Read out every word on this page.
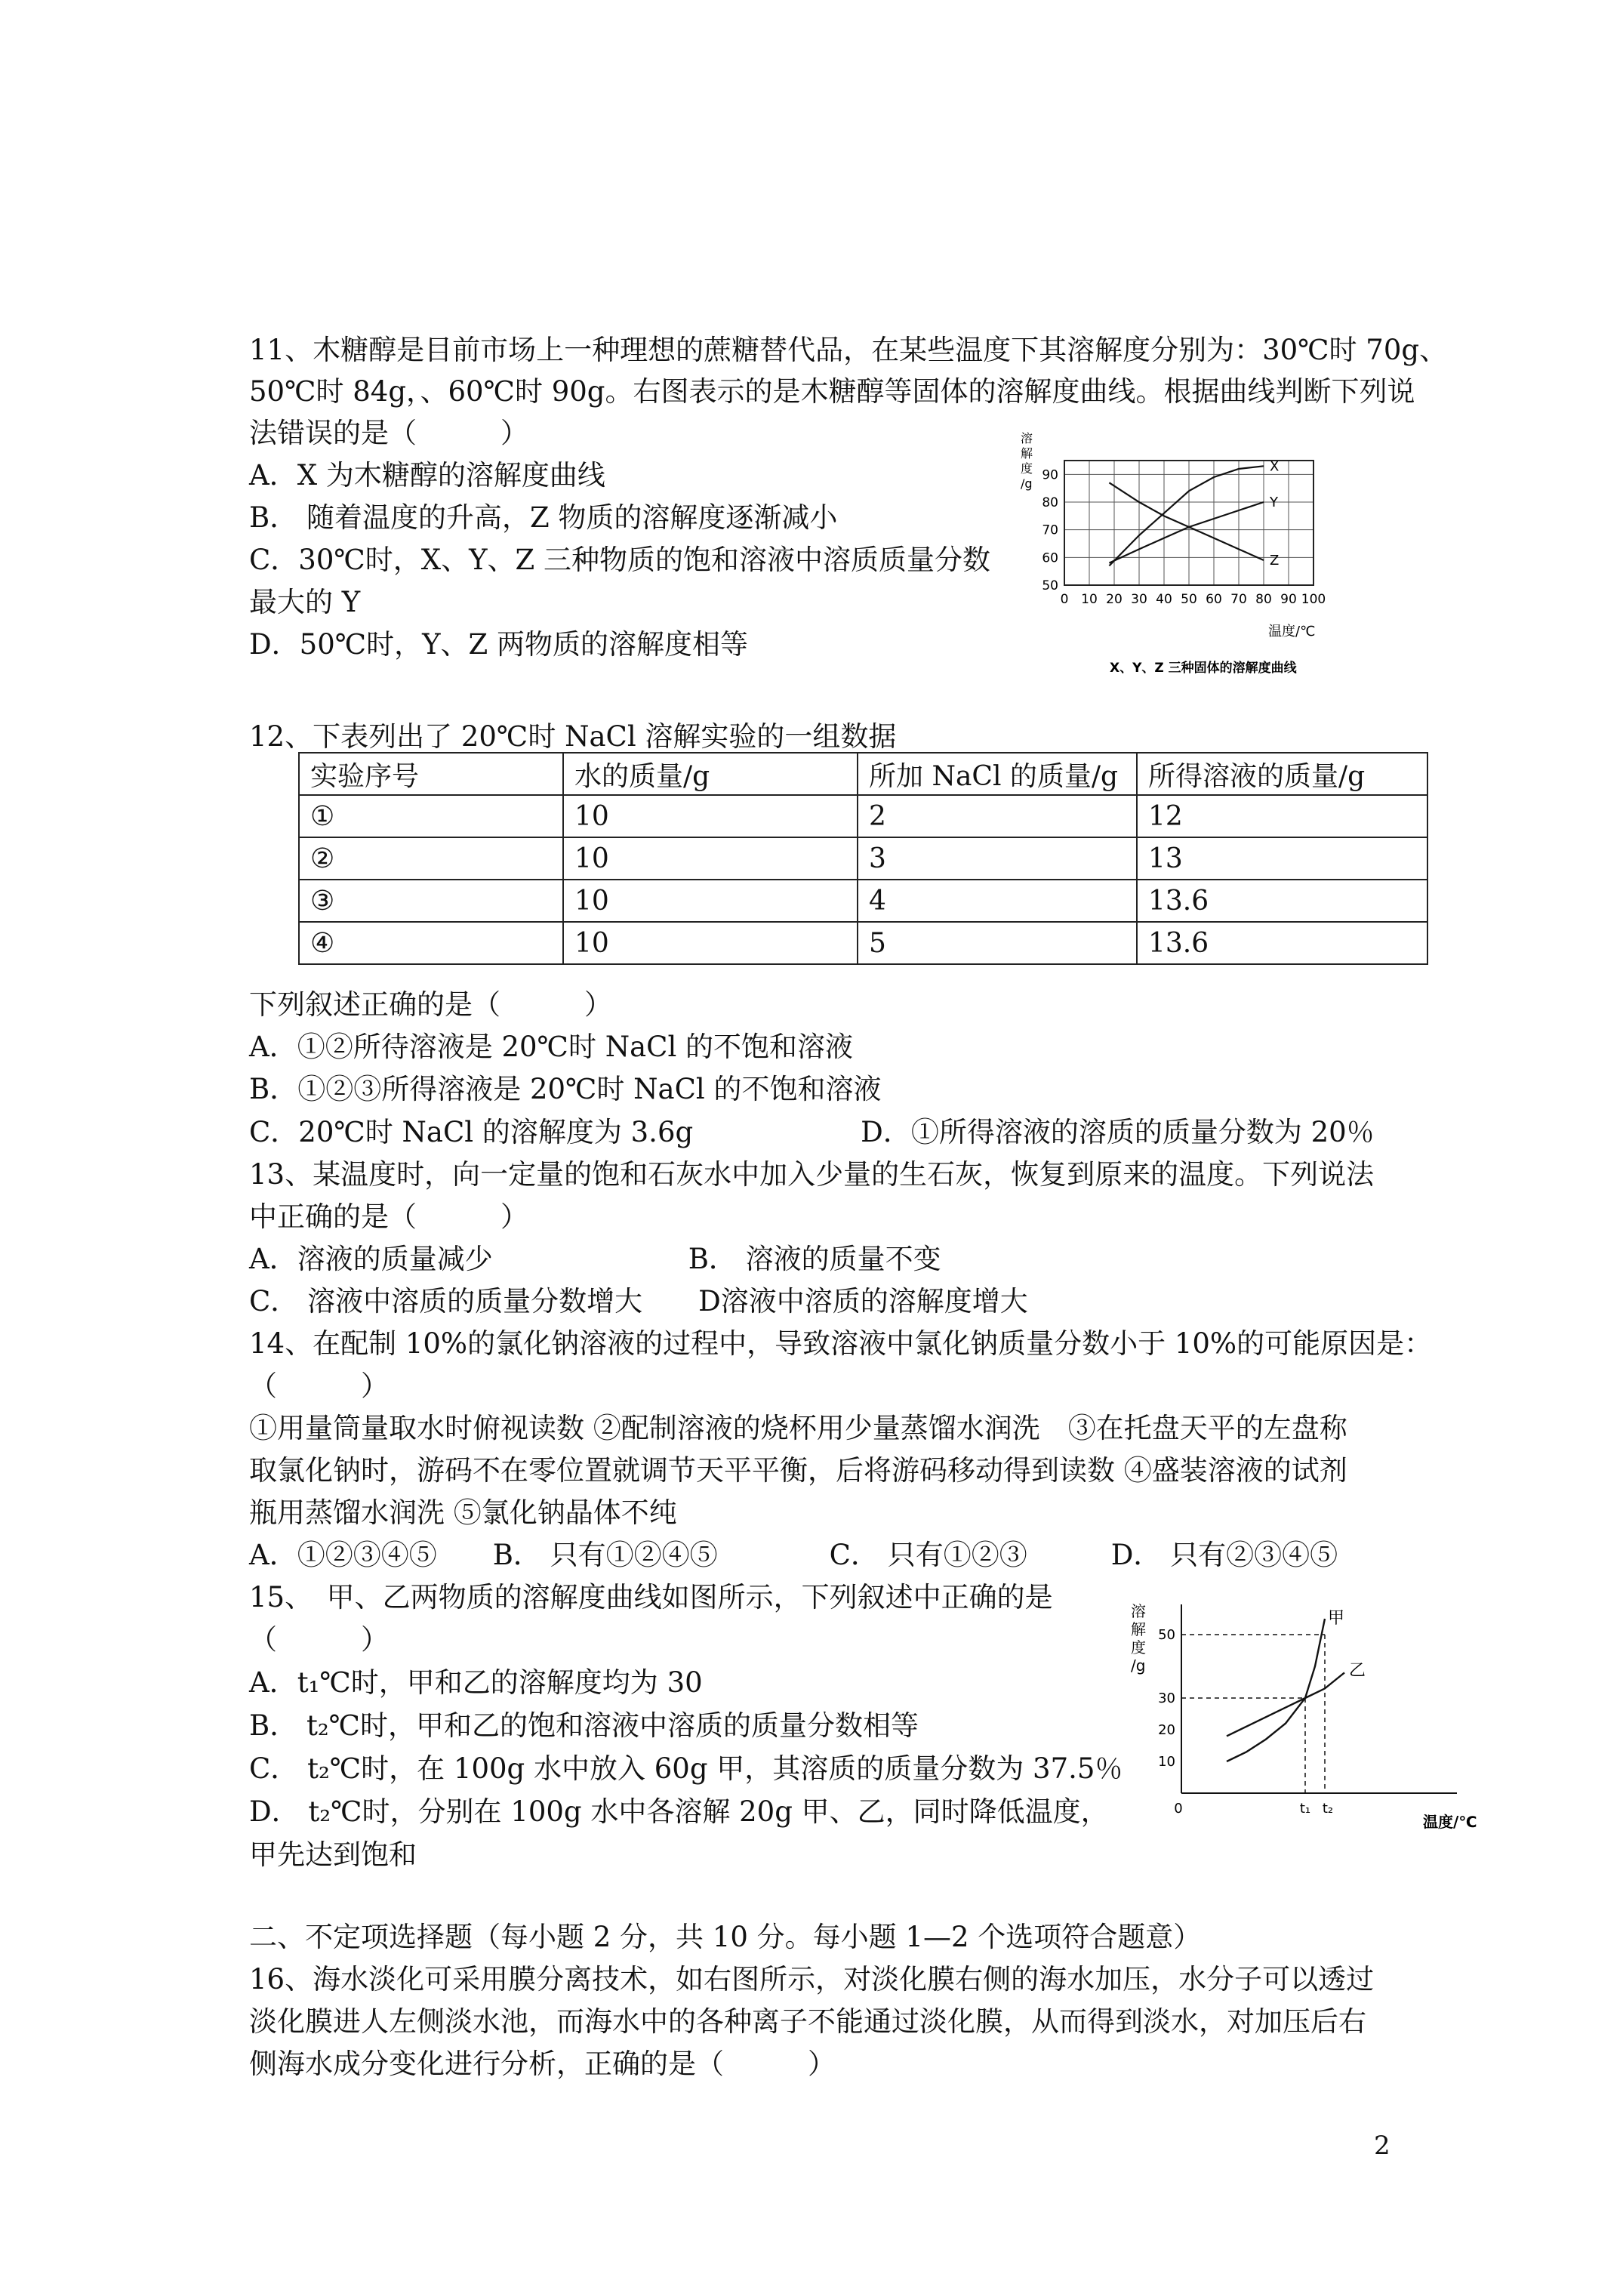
11、木糖醇是目前市场上一种理想的蔗糖替代品，在某些温度下其溶解度分别为：30℃时 70g、
50℃时 84g，、60℃时 90g。右图表示的是木糖醇等固体的溶解度曲线。根据曲线判断下列说
法错误的是（　　　）
A．X 为木糖醇的溶解度曲线
B． 随着温度的升高，Z 物质的溶解度逐渐减小
C．30℃时，X、Y、Z 三种物质的饱和溶液中溶质质量分数
最大的 Y
D．50℃时，Y、Z 两物质的溶解度相等
0 10 20 30 40 50 60 70 80 90 100
50
60
70
80
90
X
Y
Z
溶
解
度
/g
温度/℃
X、Y、Z 三种固体的溶解度曲线
12、下表列出了 20℃时 NaCl 溶解实验的一组数据
实验序号	水的质量/g	所加 NaCl 的质量/g	所得溶液的质量/g
①	10	2	12
②	10	3	13
③	10	4	13.6
④	10	5	13.6
下列叙述正确的是（　　　）
A．①②所待溶液是 20℃时 NaCl 的不饱和溶液
B．①②③所得溶液是 20℃时 NaCl 的不饱和溶液
C．20℃时 NaCl 的溶解度为 3.6g　　　　　　D．①所得溶液的溶质的质量分数为 20％
13、某温度时，向一定量的饱和石灰水中加入少量的生石灰，恢复到原来的温度。下列说法
中正确的是（　　　）
A．溶液的质量减少　　　　　　　B． 溶液的质量不变
C． 溶液中溶质的质量分数增大　　D溶液中溶质的溶解度增大
14、在配制 10%的氯化钠溶液的过程中，导致溶液中氯化钠质量分数小于 10%的可能原因是：
（　　　）
①用量筒量取水时俯视读数 ②配制溶液的烧杯用少量蒸馏水润洗　③在托盘天平的左盘称
取氯化钠时，游码不在零位置就调节天平平衡，后将游码移动得到读数 ④盛装溶液的试剂
瓶用蒸馏水润洗 ⑤氯化钠晶体不纯
A．①②③④⑤　　B． 只有①②④⑤　　　　C． 只有①②③　　　D． 只有②③④⑤
15、　甲、乙两物质的溶解度曲线如图所示，下列叙述中正确的是
（　　　）
A．t₁℃时，甲和乙的溶解度均为 30
B． t₂℃时，甲和乙的饱和溶液中溶质的质量分数相等
C． t₂℃时，在 100g 水中放入 60g 甲，其溶质的质量分数为 37.5％
D． t₂℃时，分别在 100g 水中各溶解 20g 甲、乙，同时降低温度，
甲先达到饱和
溶
解
度
/g
10
20
30
50
0	t₁ t₂
甲
乙
温度/℃
二、不定项选择题（每小题 2 分，共 10 分。每小题 1—2 个选项符合题意）
16、海水淡化可采用膜分离技术，如右图所示，对淡化膜右侧的海水加压，水分子可以透过
淡化膜进人左侧淡水池，而海水中的各种离子不能通过淡化膜，从而得到淡水，对加压后右
侧海水成分变化进行分析，正确的是（　　　）
2
